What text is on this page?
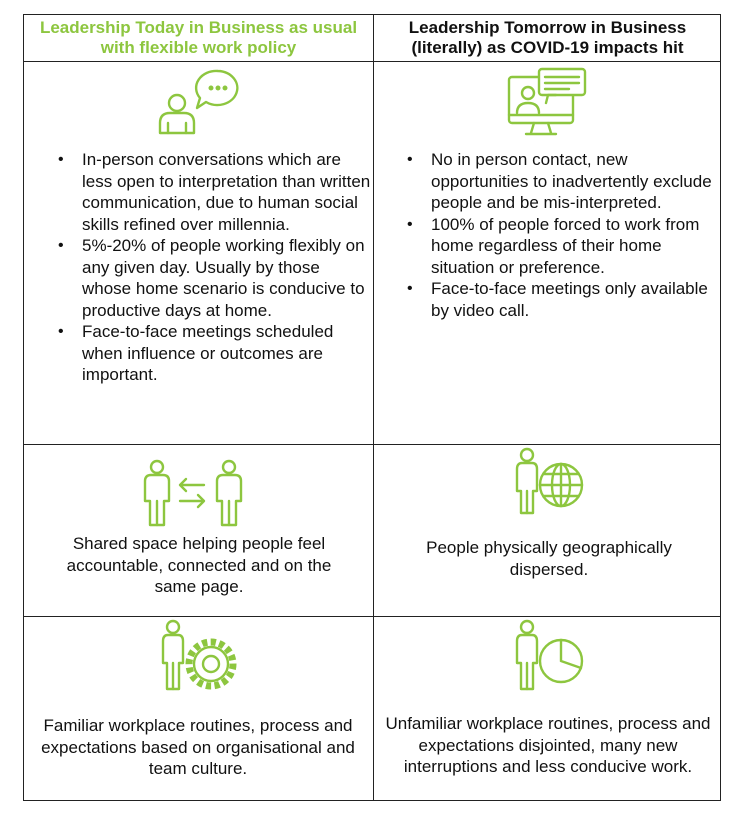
Leadership Today in Business as usual with flexible work policy
Leadership Tomorrow in Business (literally) as COVID-19 impacts hit
• In-person conversations which are less open to interpretation than written communication, due to human social skills refined over millennia.
• 5%-20% of people working flexibly on any given day. Usually by those whose home scenario is conducive to productive days at home.
• Face-to-face meetings scheduled when influence or outcomes are important.
• No in person contact, new opportunities to inadvertently exclude people and be mis-interpreted.
• 100% of people forced to work from home regardless of their home situation or preference.
• Face-to-face meetings only available by video call.
Shared space helping people feel accountable, connected and on the same page.
People physically geographically dispersed.
Familiar workplace routines, process and expectations based on organisational and team culture.
Unfamiliar workplace routines, process and expectations disjointed, many new interruptions and less conducive work.
